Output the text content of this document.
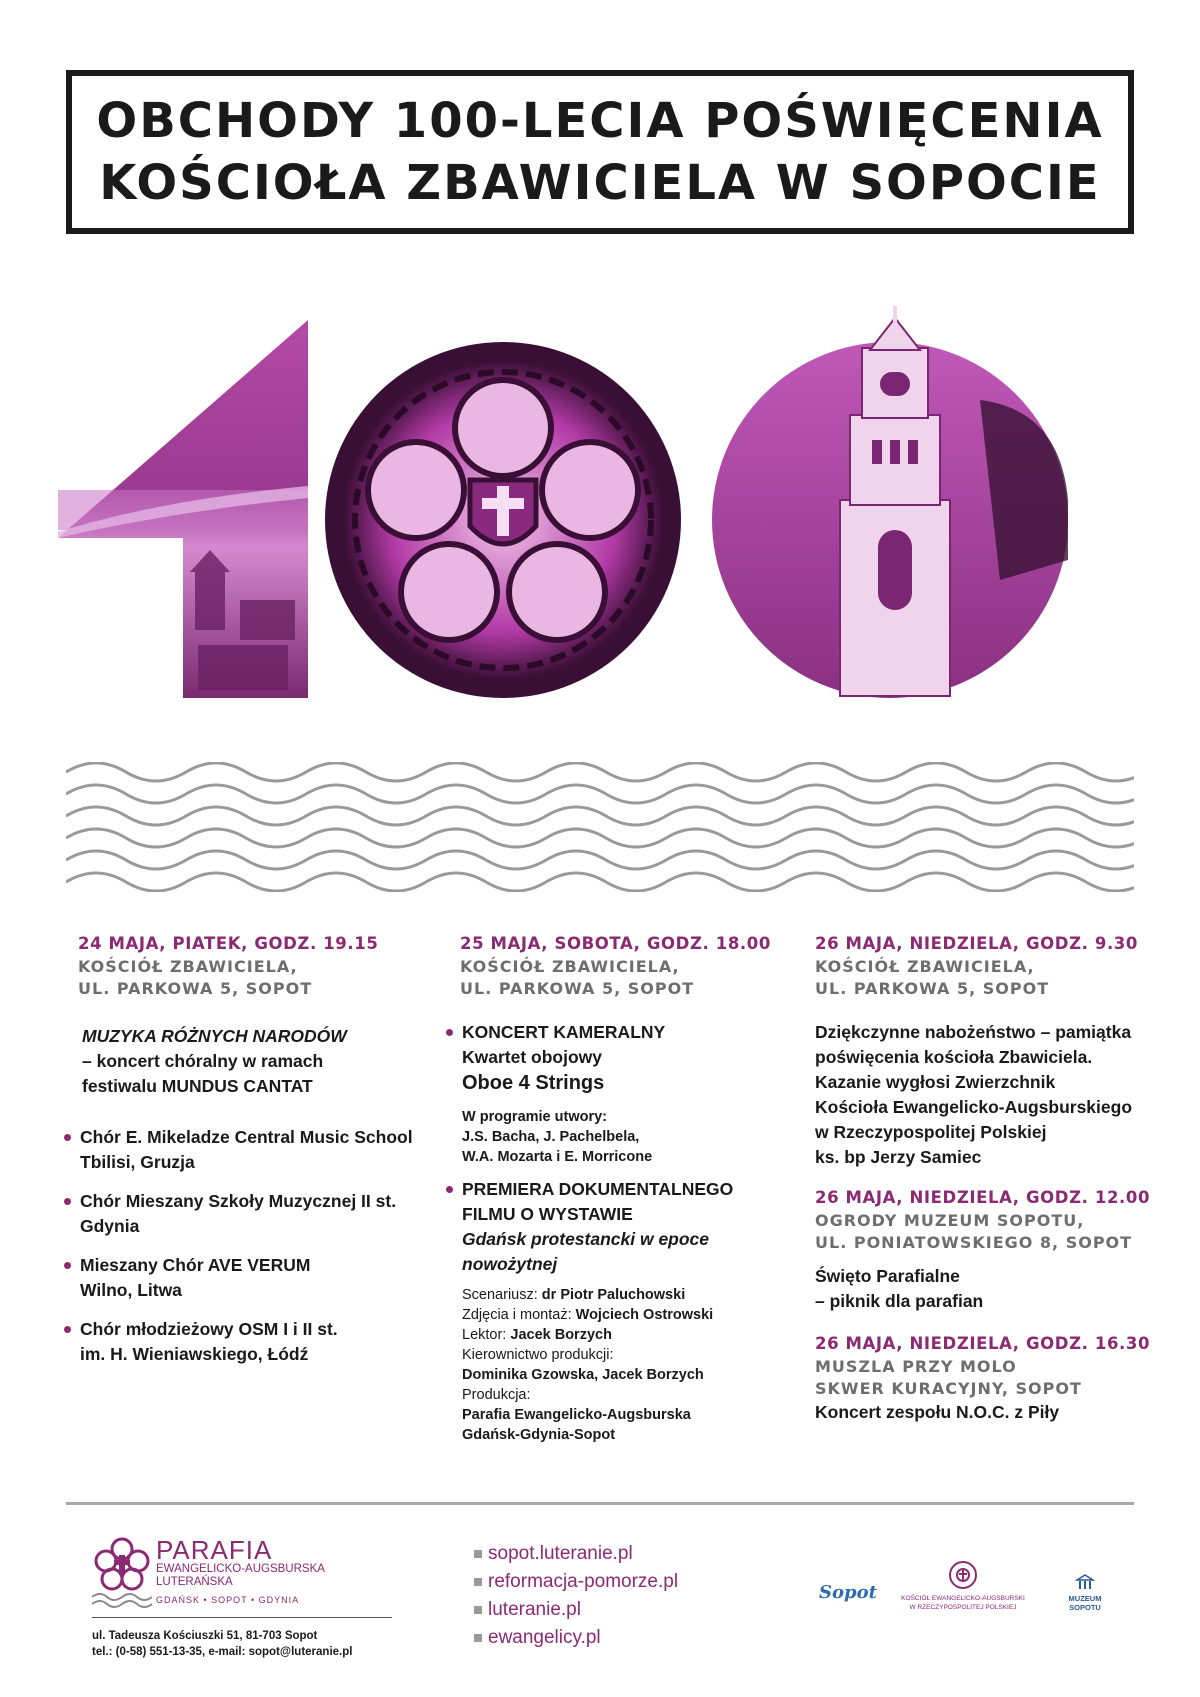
OBCHODY 100-LECIA POŚWIĘCENIA
KOŚCIOŁA ZBAWICIELA W SOPOCIE
24 MAJA, PIATEK, GODZ. 19.15
KOŚCIÓŁ ZBAWICIELA,
UL. PARKOWA 5, SOPOT
MUZYKA RÓŻNYCH NARODÓW
– koncert chóralny w ramach
festiwalu MUNDUS CANTAT
Chór E. Mikeladze Central Music School
Tbilisi, Gruzja
Chór Mieszany Szkoły Muzycznej II st.
Gdynia
Mieszany Chór AVE VERUM
Wilno, Litwa
Chór młodzieżowy OSM I i II st.
im. H. Wieniawskiego, Łódź
25 MAJA, SOBOTA, GODZ. 18.00
KOŚCIÓŁ ZBAWICIELA,
UL. PARKOWA 5, SOPOT
KONCERT KAMERALNY
Kwartet obojowy
Oboe 4 Strings
W programie utwory:
J.S. Bacha, J. Pachelbela,
W.A. Mozarta i E. Morricone
PREMIERA DOKUMENTALNEGO
FILMU O WYSTAWIE
Gdańsk protestancki w epoce
nowożytnej
Scenariusz: dr Piotr Paluchowski
Zdjęcia i montaż: Wojciech Ostrowski
Lektor: Jacek Borzych
Kierownictwo produkcji:
Dominika Gzowska, Jacek Borzych
Produkcja:
Parafia Ewangelicko-Augsburska
Gdańsk-Gdynia-Sopot
26 MAJA, NIEDZIELA, GODZ. 9.30
KOŚCIÓŁ ZBAWICIELA,
UL. PARKOWA 5, SOPOT
Dziękczynne nabożeństwo – pamiątka
poświęcenia kościoła Zbawiciela.
Kazanie wygłosi Zwierzchnik
Kościoła Ewangelicko-Augsburskiego
w Rzeczypospolitej Polskiej
ks. bp Jerzy Samiec
26 MAJA, NIEDZIELA, GODZ. 12.00
OGRODY MUZEUM SOPOTU,
UL. PONIATOWSKIEGO 8, SOPOT
Święto Parafialne
– piknik dla parafian
26 MAJA, NIEDZIELA, GODZ. 16.30
MUSZLA PRZY MOLO
SKWER KURACYJNY, SOPOT
Koncert zespołu N.O.C. z Piły
PARAFIA
EWANGELICKO-AUGSBURSKA
LUTERAŃSKA
GDAŃSK • SOPOT • GDYNIA
ul. Tadeusza Kościuszki 51, 81-703 Sopot
tel.: (0-58) 551-13-35, e-mail: sopot@luteranie.pl
sopot.luteranie.pl
reformacja-pomorze.pl
luteranie.pl
ewangelicy.pl
Sopot	KOŚCIÓŁ EWANGELICKO-AUGSBURSKI
W RZECZYPOSPOLITEJ POLSKIEJ
MUZEUM
SOPOTU
